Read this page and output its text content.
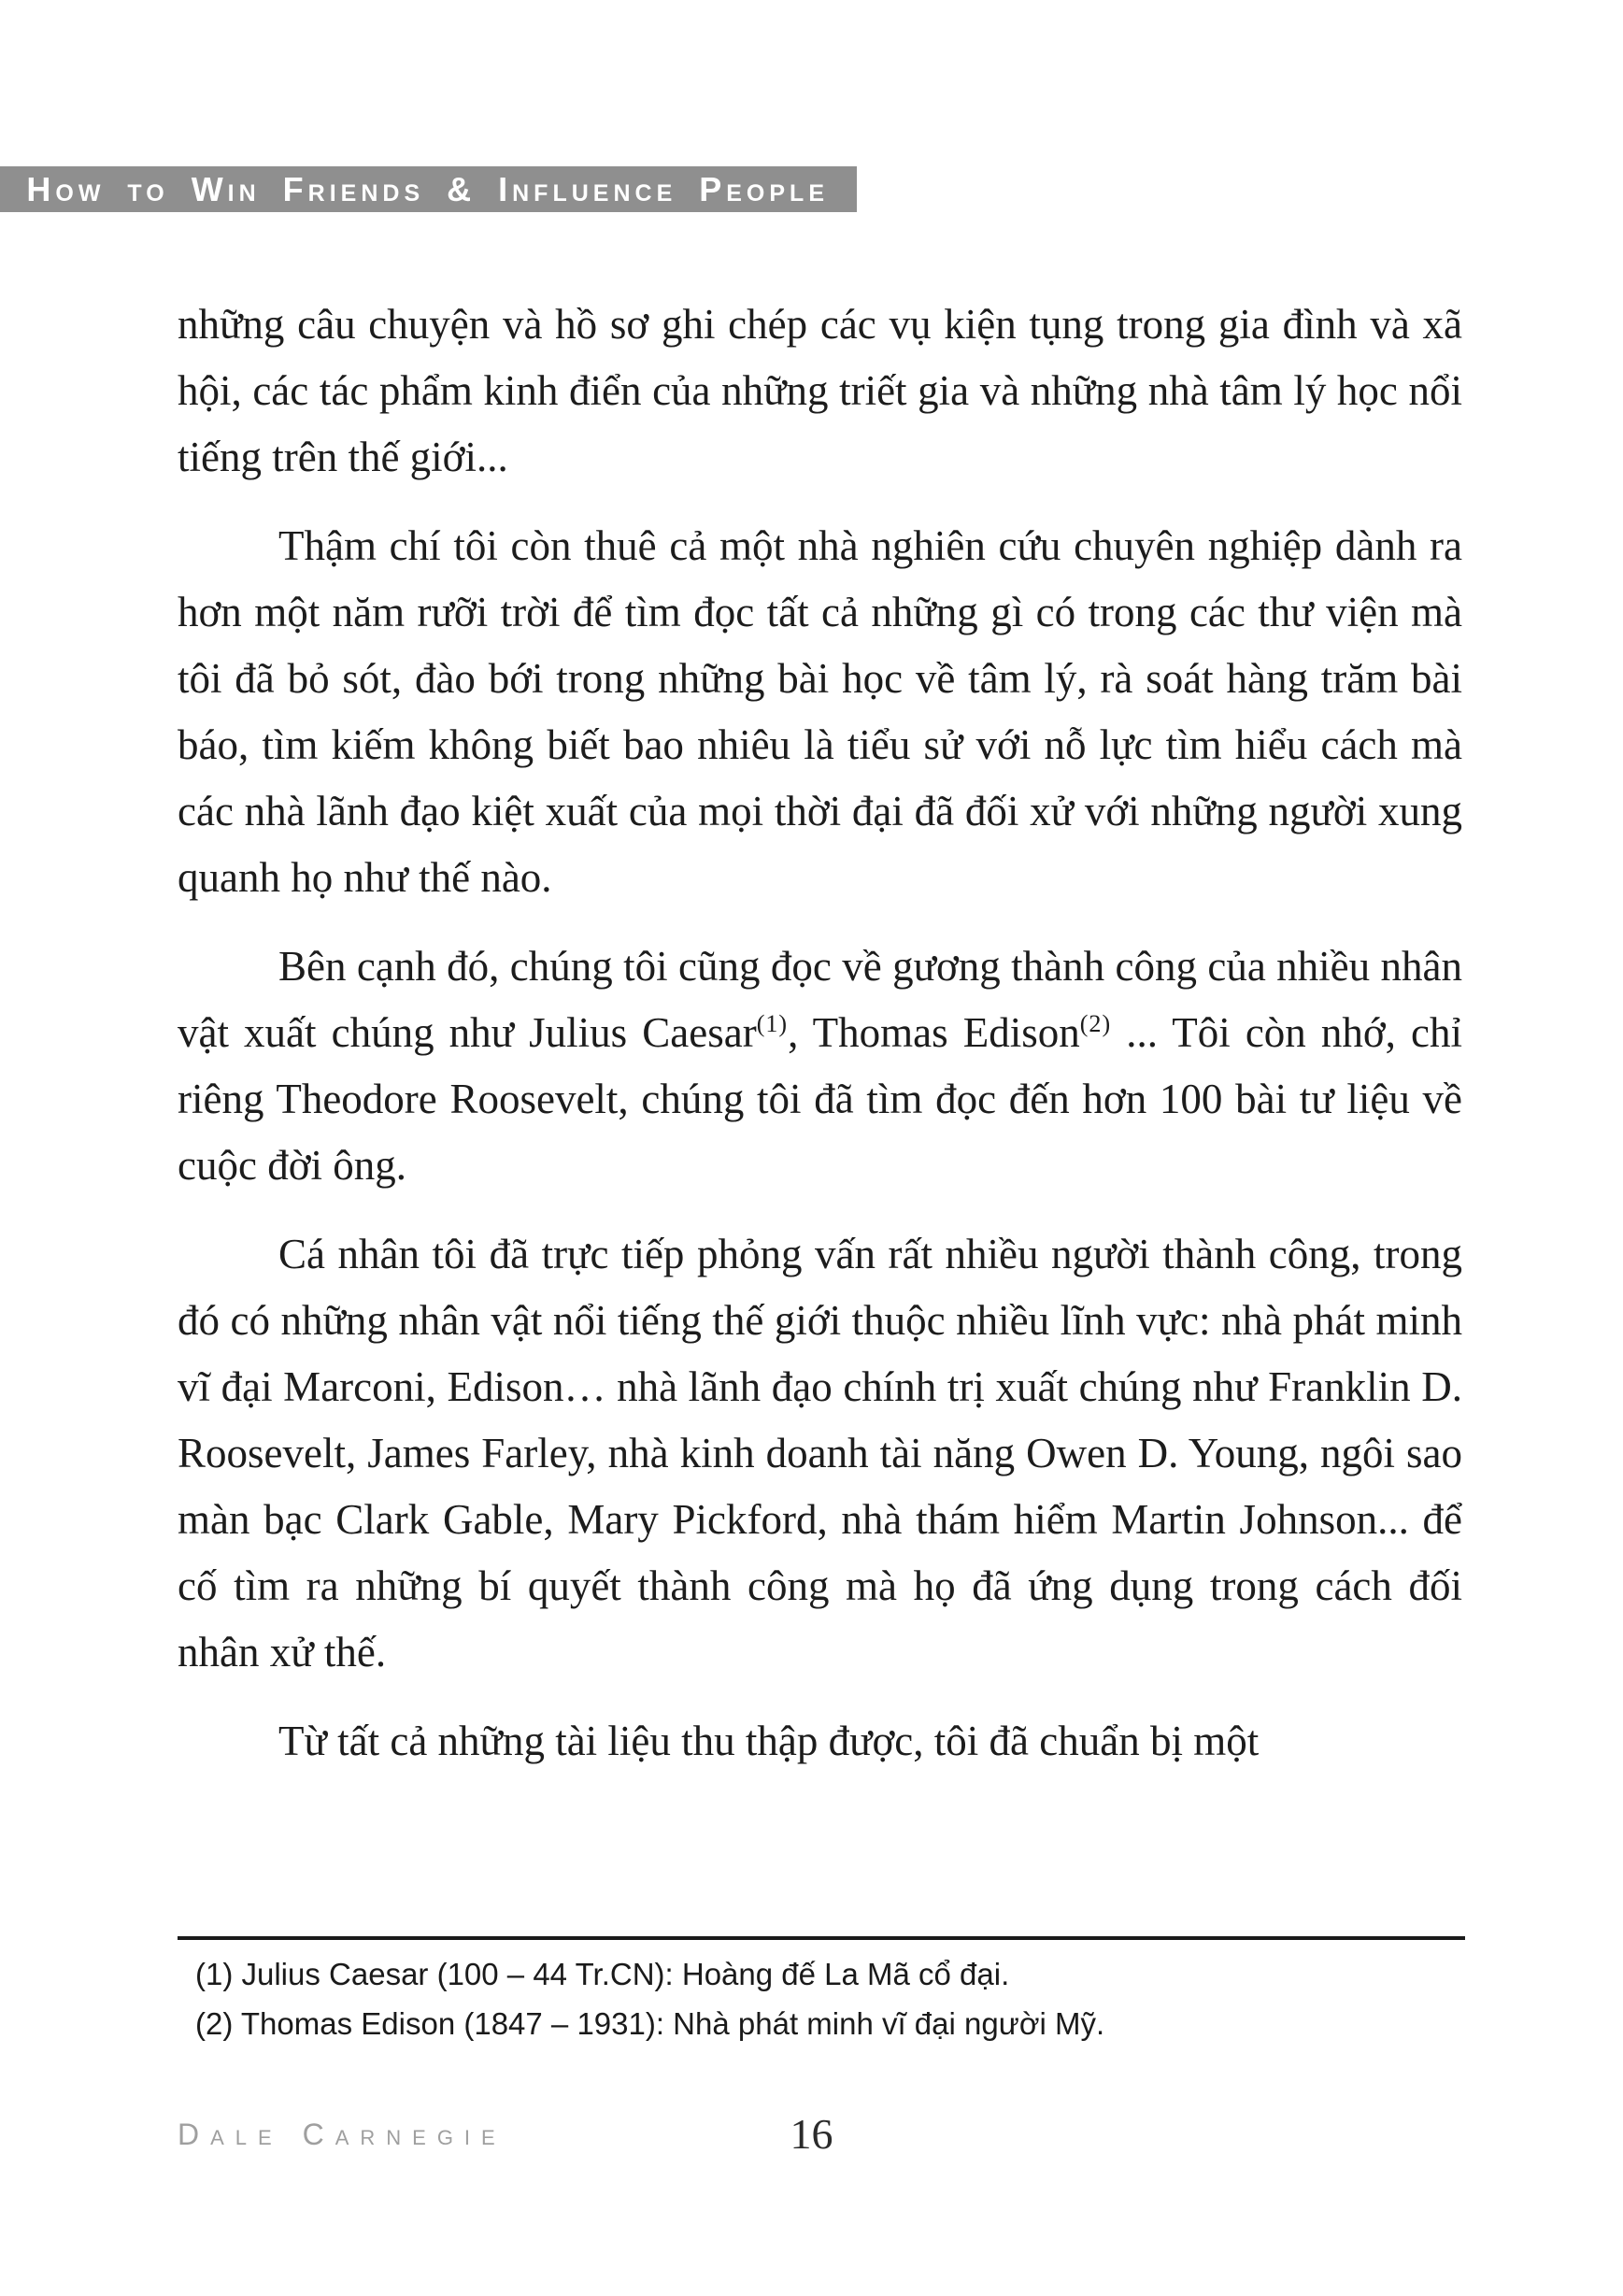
How to Win Friends & Influence People

những câu chuyện và hồ sơ ghi chép các vụ kiện tụng trong gia đình và xã hội, các tác phẩm kinh điển của những triết gia và những nhà tâm lý học nổi tiếng trên thế giới...

Thậm chí tôi còn thuê cả một nhà nghiên cứu chuyên nghiệp dành ra hơn một năm rưỡi trời để tìm đọc tất cả những gì có trong các thư viện mà tôi đã bỏ sót, đào bới trong những bài học về tâm lý, rà soát hàng trăm bài báo, tìm kiếm không biết bao nhiêu là tiểu sử với nỗ lực tìm hiểu cách mà các nhà lãnh đạo kiệt xuất của mọi thời đại đã đối xử với những người xung quanh họ như thế nào.

Bên cạnh đó, chúng tôi cũng đọc về gương thành công của nhiều nhân vật xuất chúng như Julius Caesar$^{(1)}$, Thomas Edison$^{(2)}$ ... Tôi còn nhớ, chỉ riêng Theodore Roosevelt, chúng tôi đã tìm đọc đến hơn 100 bài tư liệu về cuộc đời ông.

Cá nhân tôi đã trực tiếp phỏng vấn rất nhiều người thành công, trong đó có những nhân vật nổi tiếng thế giới thuộc nhiều lĩnh vực: nhà phát minh vĩ đại Marconi, Edison… nhà lãnh đạo chính trị xuất chúng như Franklin D. Roosevelt, James Farley, nhà kinh doanh tài năng Owen D. Young, ngôi sao màn bạc Clark Gable, Mary Pickford, nhà thám hiểm Martin Johnson... để cố tìm ra những bí quyết thành công mà họ đã ứng dụng trong cách đối nhân xử thế.

Từ tất cả những tài liệu thu thập được, tôi đã chuẩn bị một

(1) Julius Caesar (100 – 44 Tr.CN): Hoàng đế La Mã cổ đại.
(2) Thomas Edison (1847 – 1931): Nhà phát minh vĩ đại người Mỹ.
Dale Carnegie	16
